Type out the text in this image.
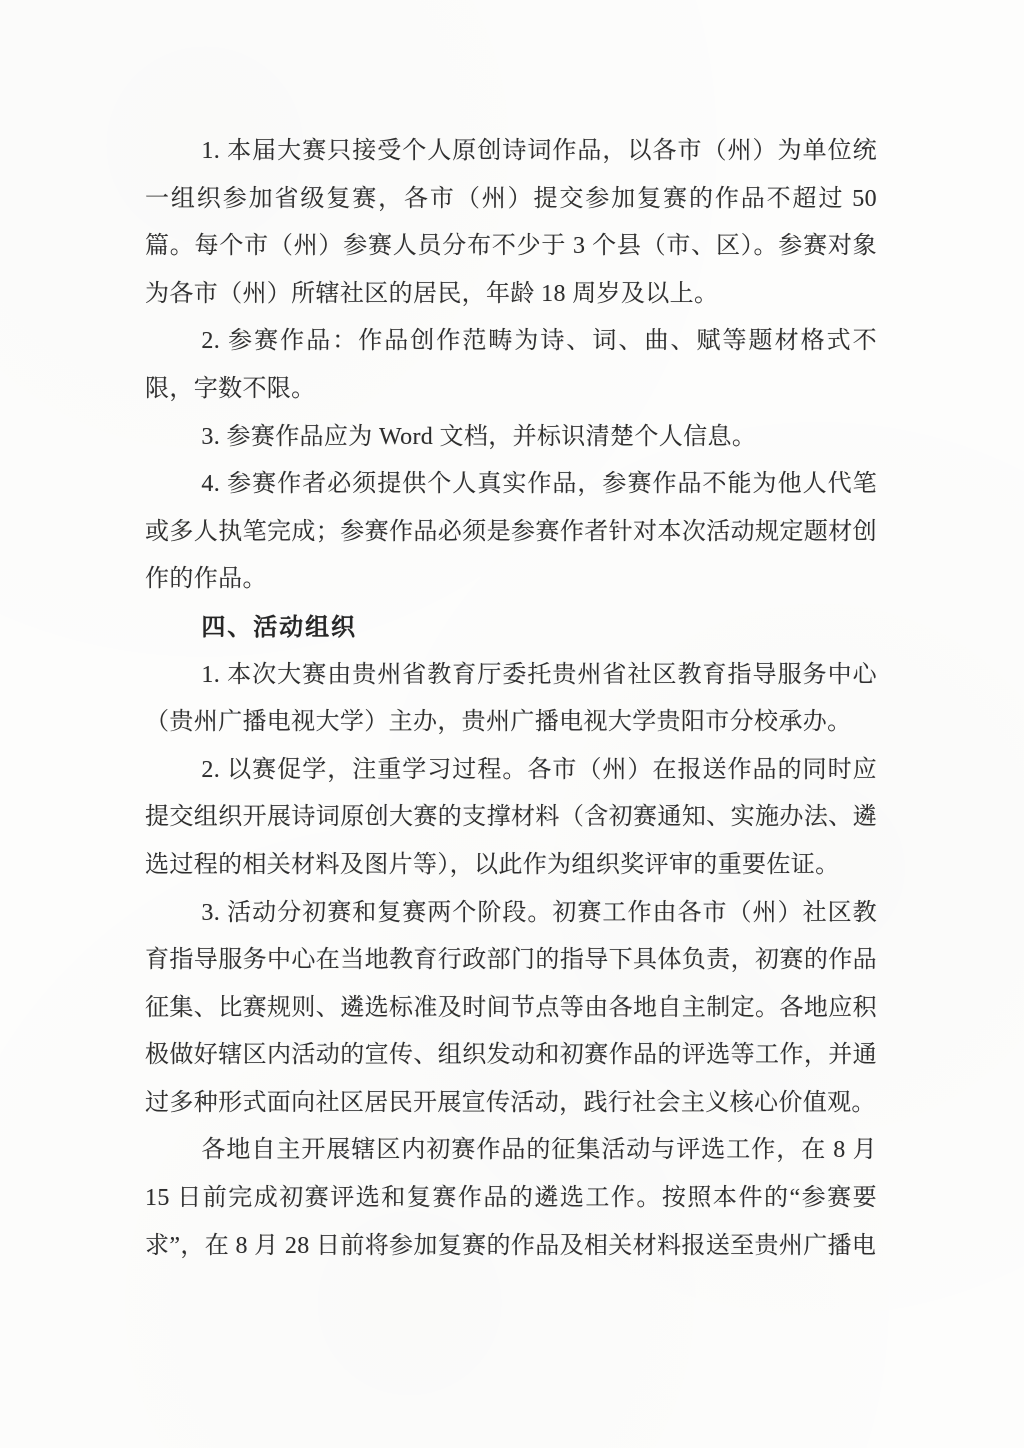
1. 本届大赛只接受个人原创诗词作品，以各市（州）为单位统一组织参加省级复赛，各市（州）提交参加复赛的作品不超过 50 篇。每个市（州）参赛人员分布不少于 3 个县（市、区）。参赛对象为各市（州）所辖社区的居民，年龄 18 周岁及以上。

2. 参赛作品：作品创作范畴为诗、词、曲、赋等题材格式不限，字数不限。

3. 参赛作品应为 Word 文档，并标识清楚个人信息。

4. 参赛作者必须提供个人真实作品，参赛作品不能为他人代笔或多人执笔完成；参赛作品必须是参赛作者针对本次活动规定题材创作的作品。

四、活动组织

1. 本次大赛由贵州省教育厅委托贵州省社区教育指导服务中心（贵州广播电视大学）主办，贵州广播电视大学贵阳市分校承办。

2. 以赛促学，注重学习过程。各市（州）在报送作品的同时应提交组织开展诗词原创大赛的支撑材料（含初赛通知、实施办法、遴选过程的相关材料及图片等），以此作为组织奖评审的重要佐证。

3. 活动分初赛和复赛两个阶段。初赛工作由各市（州）社区教育指导服务中心在当地教育行政部门的指导下具体负责，初赛的作品征集、比赛规则、遴选标准及时间节点等由各地自主制定。各地应积极做好辖区内活动的宣传、组织发动和初赛作品的评选等工作，并通过多种形式面向社区居民开展宣传活动，践行社会主义核心价值观。

各地自主开展辖区内初赛作品的征集活动与评选工作，在 8 月 15 日前完成初赛评选和复赛作品的遴选工作。按照本件的“参赛要求”，在 8 月 28 日前将参加复赛的作品及相关材料报送至贵州广播电
